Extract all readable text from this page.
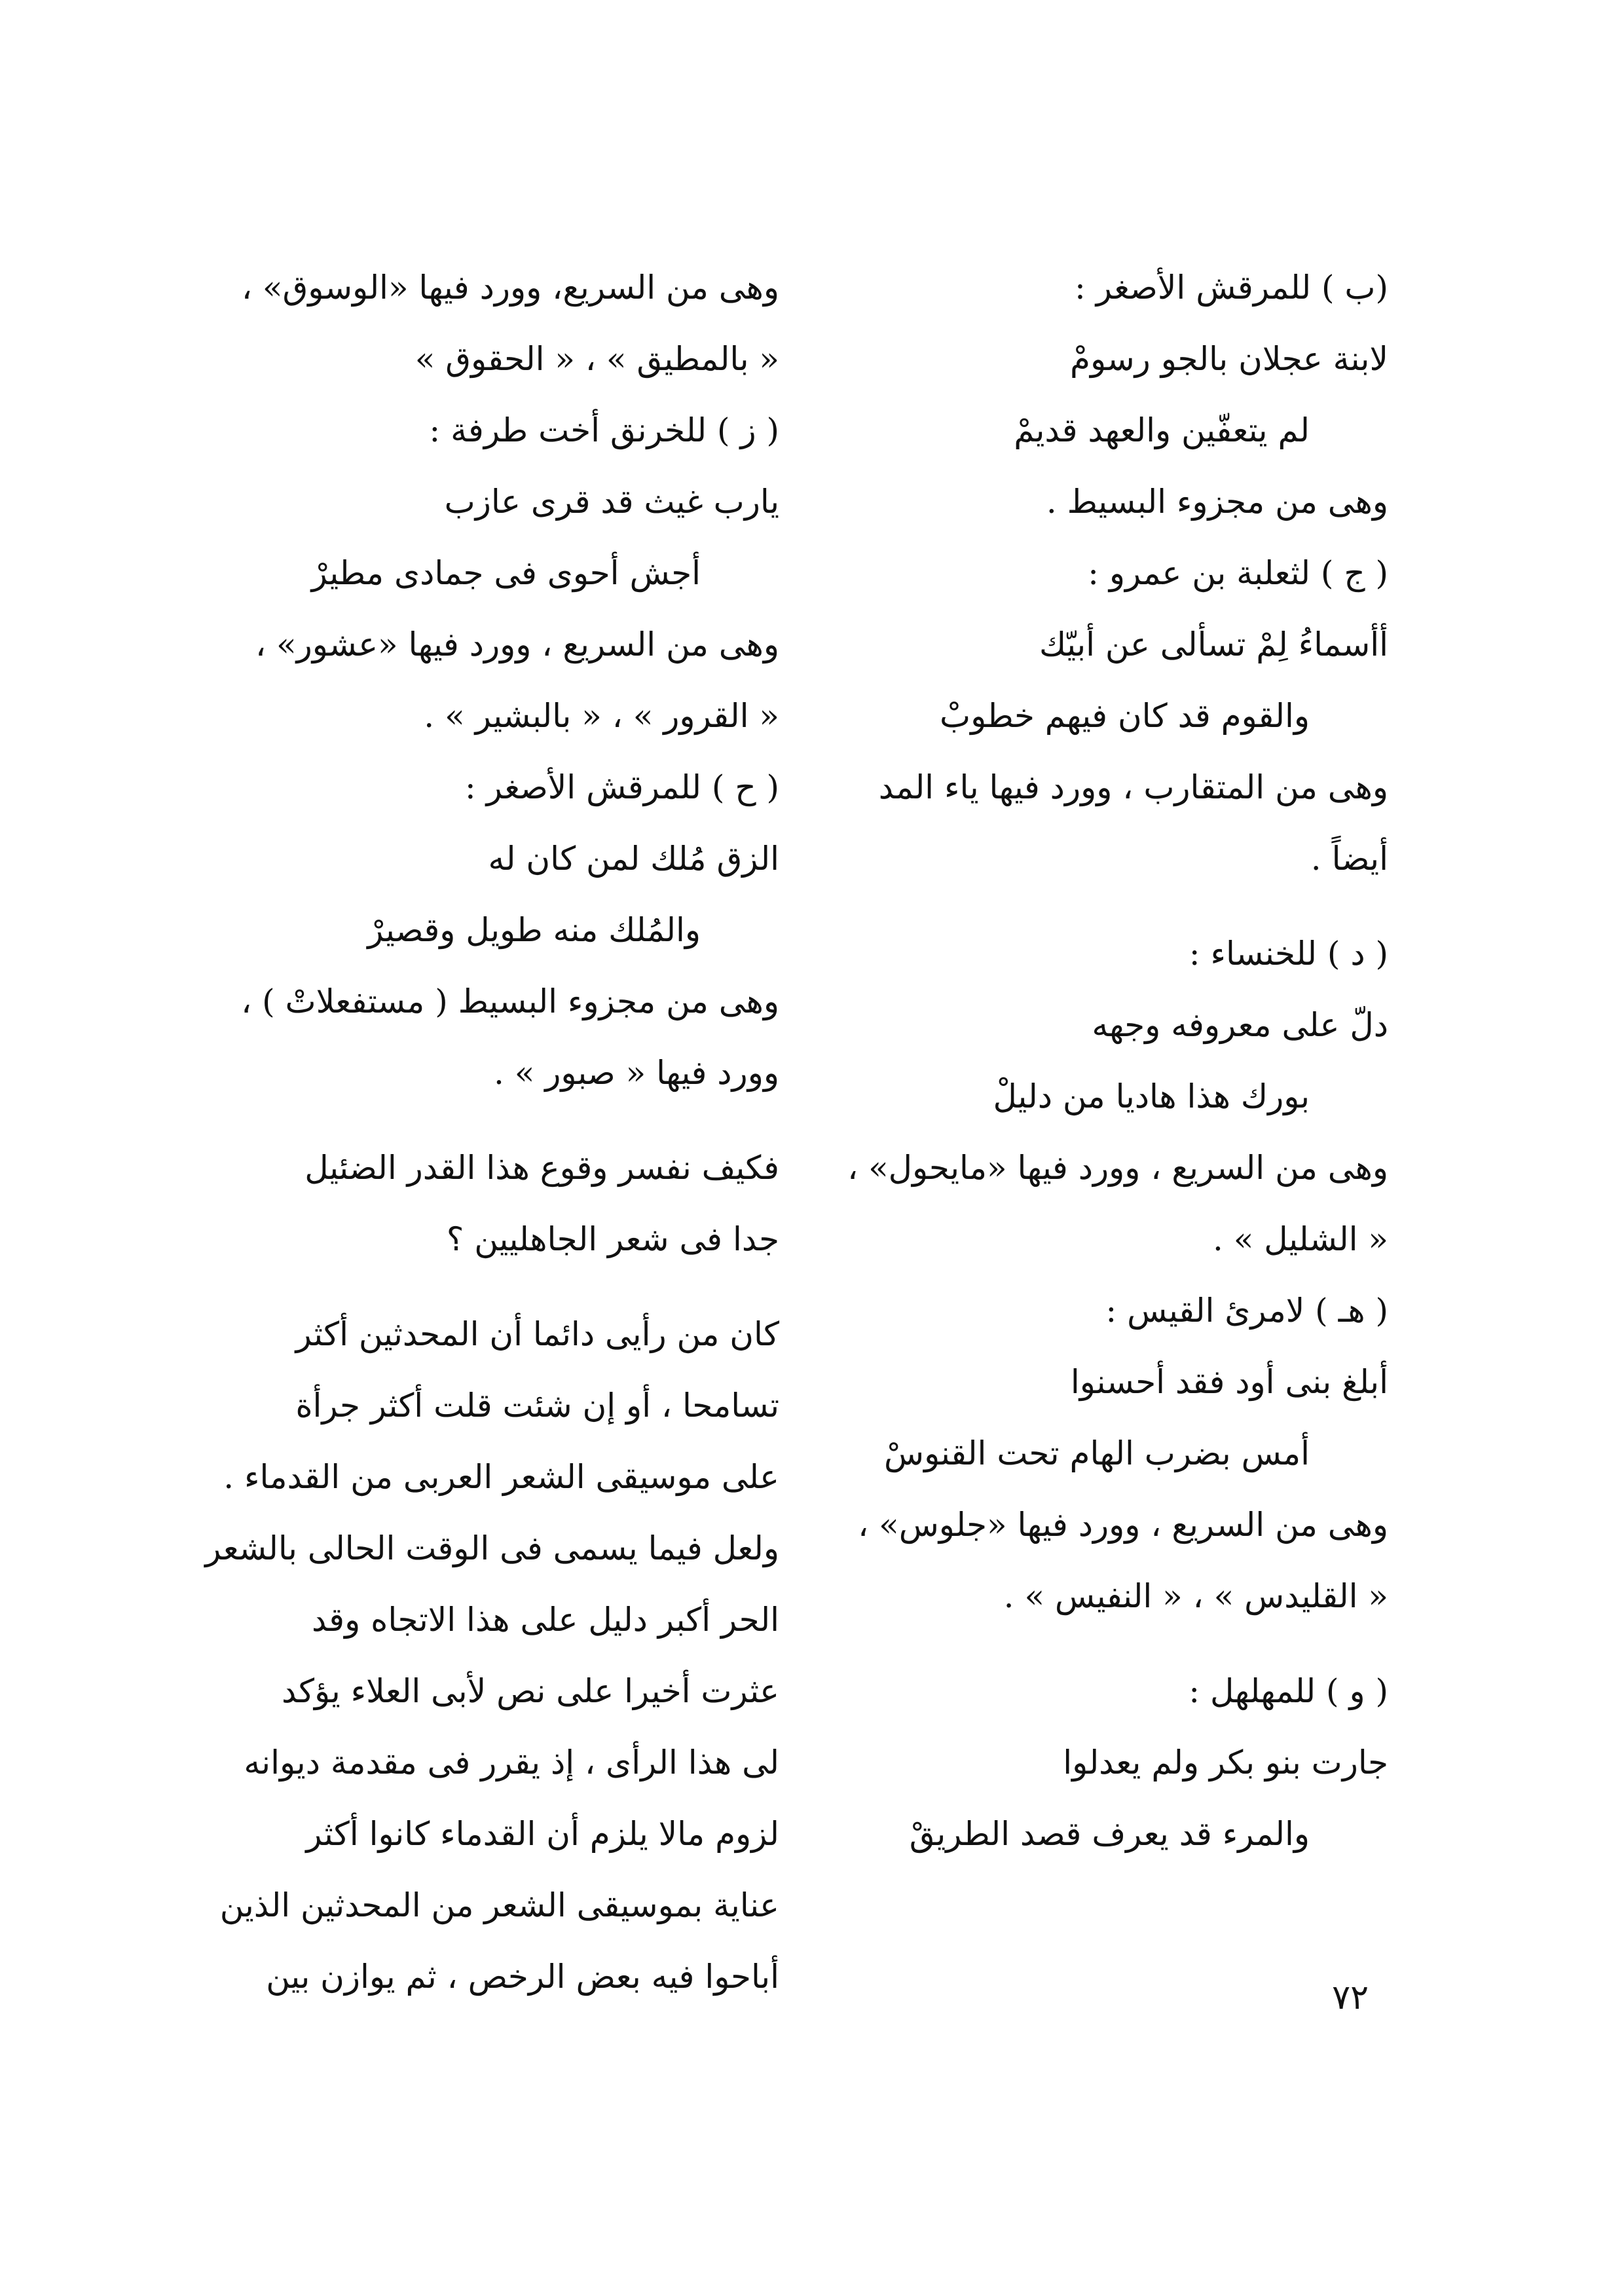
(ب ) للمرقش الأصغر :
لابنة عجلان بالجو رسومْ
لم يتعفّين والعهد قديمْ
وهى من مجزوء البسيط .
( ج ) لثعلبة بن عمرو :
أأسماءُ لِمْ تسألى عن أبيّك
والقوم قد كان فيهم خطوبْ
وهى من المتقارب ، وورد فيها ياء المد
أيضاً .
( د ) للخنساء :
دلّ على معروفه وجهه
بورك هذا هاديا من دليلْ
وهى من السريع ، وورد فيها «مايحول» ،
« الشليل » .
( هـ ) لامرئ القيس :
أبلغ بنى أود فقد أحسنوا
أمس بضرب الهام تحت القنوسْ
وهى من السريع ، وورد فيها «جلوس» ،
« القليدس » ، « النفيس » .
( و ) للمهلهل :
جارت بنو بكر ولم يعدلوا
والمرء قد يعرف قصد الطريقْ
وهى من السريع، وورد فيها «الوسوق» ،
« بالمطيق » ، « الحقوق »
( ز ) للخرنق أخت طرفة :
يارب غيث قد قرى عازب
أجش أحوى فى جمادى مطيرْ
وهى من السريع ، وورد فيها «عشور» ،
« القرور » ، « بالبشير » .
( ح ) للمرقش الأصغر :
الزق مُلك لمن كان له
والمُلك منه طويل وقصيرْ
وهى من مجزوء البسيط ( مستفعلاتْ ) ،
وورد فيها « صبور » .
فكيف نفسر وقوع هذا القدر الضئيل
جدا فى شعر الجاهليين ؟
كان من رأيى دائما أن المحدثين أكثر
تسامحا ، أو إن شئت قلت أكثر جرأة
على موسيقى الشعر العربى من القدماء .
ولعل فيما يسمى فى الوقت الحالى بالشعر
الحر أكبر دليل على هذا الاتجاه وقد
عثرت أخيرا على نص لأبى العلاء يؤكد
لى هذا الرأى ، إذ يقرر فى مقدمة ديوانه
لزوم مالا يلزم أن القدماء كانوا أكثر
عناية بموسيقى الشعر من المحدثين الذين
أباحوا فيه بعض الرخص ، ثم يوازن بين
٧٢
